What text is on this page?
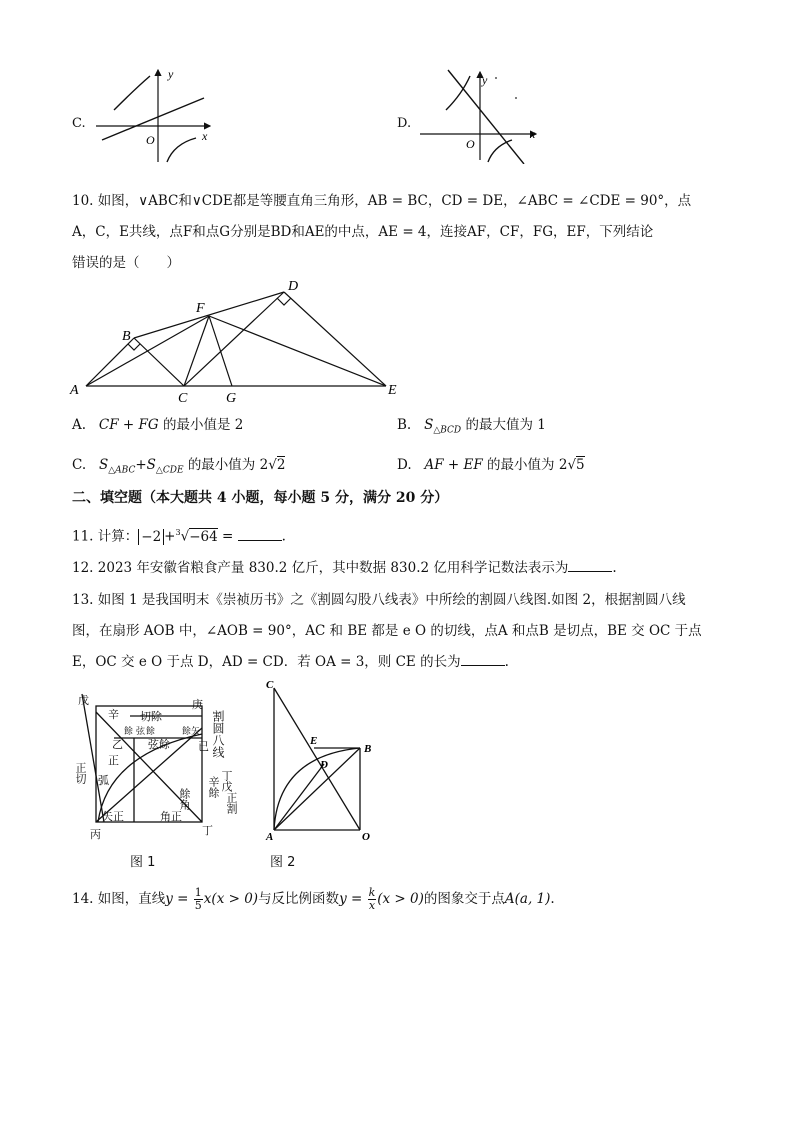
C.
y
x
O
D.
y
x
O
10. 如图，∨ABC和∨CDE都是等腰直角三角形，AB = BC，CD = DE，∠ABC = ∠CDE = 90°，点
A，C，E共线，点F和点G分别是BD和AE的中点，AE = 4，连接AF，CF，FG，EF，下列结论
错误的是（　　）
A
B
C
D
E
F
G
A. CF + FG 的最小值是 2	B. $S_{\triangle BCD}$ 的最大值为 1
C. $S_{\triangle ABC}+S_{\triangle CDE}$ 的最小值为 2√2	D. AF + EF 的最小值为 2√5
二、填空题（本大题共 4 小题，每小题 5 分，满分 20 分）
11. 计算： −2 +$^3$√−64 =	.
12. 2023 年安徽省粮食产量 830.2 亿斤，其中数据 830.2 亿用科学记数法表示为	.
13. 如图 1 是我国明末《崇祯历书》之《割圆勾股八线表》中所绘的割圆八线图.如图 2，根据割圆八线
图，在扇形 AOB 中，∠AOB = 90°，AC 和 BE 都是 e O 的切线，点A 和点B 是切点，BE 交 OC 于点
E，OC 交 e O 于点 D，AD = CD．若 OA = 3，则 CE 的长为	.
戊
辛 切除
庚
餘 弦 餘	餘矢
乙 弦餘	已
正
正切 弧
餘角
矢正	角正
丙	丁
割圆八线
丁戊
辛餘
正割
图 1
C
E
B
D
A	O
图 2
14. 如图，直线$y = \frac{1}{5} x(x > 0)$与反比例函数$y = \frac{k}{x} (x > 0)$的图象交于点A(a, 1).
